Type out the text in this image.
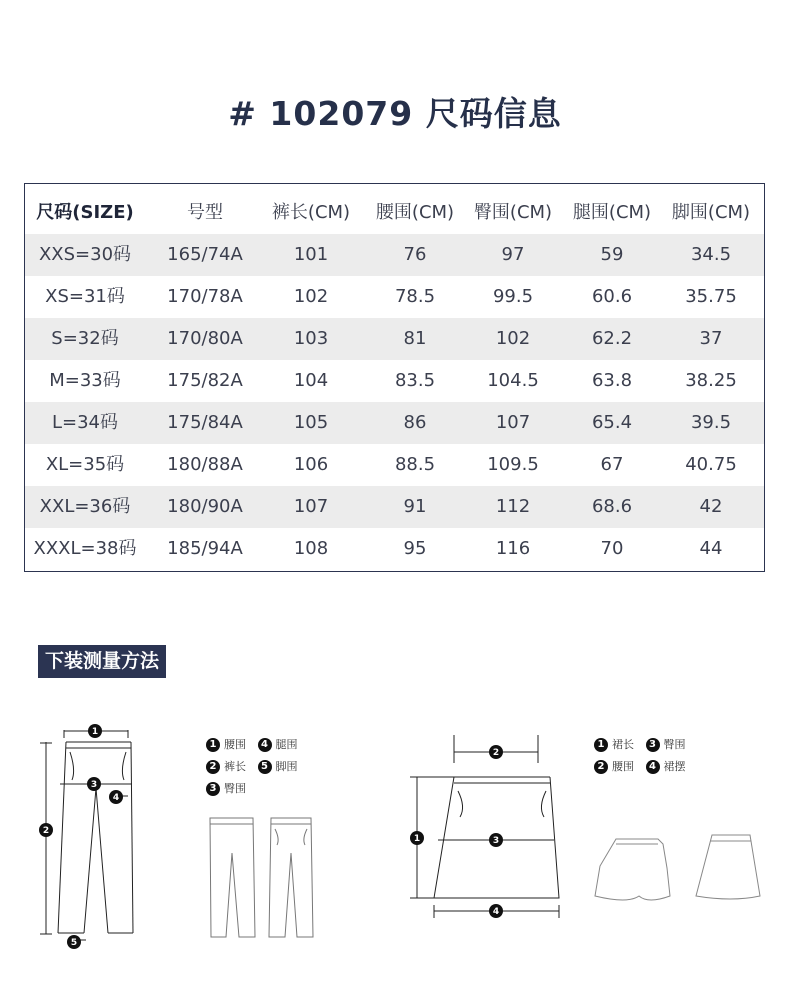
# 102079 尺码信息
尺码(SIZE)	号型	裤长(CM)	腰围(CM)	臀围(CM)	腿围(CM)	脚围(CM)
XXS=30码	165/74A	101	76	97	59	34.5
XS=31码	170/78A	102	78.5	99.5	60.6	35.75
S=32码	170/80A	103	81	102	62.2	37
M=33码	175/82A	104	83.5	104.5	63.8	38.25
L=34码	175/84A	105	86	107	65.4	39.5
XL=35码	180/88A	106	88.5	109.5	67	40.75
XXL=36码	180/90A	107	91	112	68.6	42
XXXL=38码	185/94A	108	95	116	70	44
下装测量方法
1
2
3
4
5
1 腰围 4 腿围
2 裤长 5 脚围
3 臀围
1
2
3
4
1 裙长 3 臀围
2 腰围 4 裙摆
